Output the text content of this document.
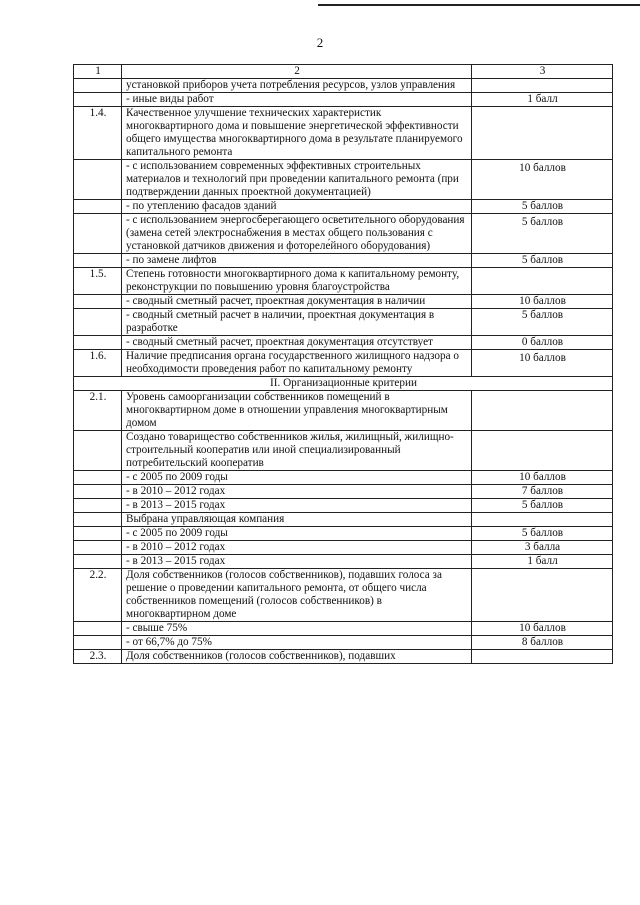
2
1	2	3
	установкой приборов учета потребления ресурсов, узлов управления	
	- иные виды работ	1 балл
1.4.	Качественное улучшение технических характеристик многоквартирного дома и повышение энергетической эффективности общего имущества многоквартирного дома в результате планируемого капитального ремонта	
	- с использованием современных эффективных строительных материалов и технологий при проведении капитального ремонта (при подтверждении данных проектной документацией)	10 баллов
	- по утеплению фасадов зданий	5 баллов
	- с использованием энергосберегающего осветительного оборудования (замена сетей электроснабжения в местах общего пользования с установкой датчиков движения и фотореле́йного оборудования)	5 баллов
	- по замене лифтов	5 баллов
1.5.	Степень готовности многоквартирного дома к капитальному ремонту, реконструкции по повышению уровня благоустройства	
	- сводный сметный расчет, проектная документация в наличии	10 баллов
	- сводный сметный расчет в наличии, проектная документация в разработке	5 баллов
	- сводный сметный расчет, проектная документация отсутствует	0 баллов
1.6.	Наличие предписания органа государственного жилищного надзора о необходимости проведения работ по капитальному ремонту	10 баллов
II. Организационные критерии		
2.1.	Уровень самоорганизации собственников помещений в многоквартирном доме в отношении управления многоквартирным домом	
	Создано товарищество собственников жилья, жилищный, жилищно-строительный кооператив или иной специализированный потребительский кооператив	
	- с 2005 по 2009 годы	10 баллов
	- в 2010 – 2012 годах	7 баллов
	- в 2013 – 2015 годах	5 баллов
	Выбрана управляющая компания	
	- с 2005 по 2009 годы	5 баллов
	- в 2010 – 2012 годах	3 балла
	- в 2013 – 2015 годах	1 балл
2.2.	Доля собственников (голосов собственников), подавших голоса за решение о проведении капитального ремонта, от общего числа собственников помещений (голосов собственников) в многоквартирном доме	
	- свыше 75%	10 баллов
	- от 66,7% до 75%	8 баллов
2.3.	Доля собственников (голосов собственников), подавших	
